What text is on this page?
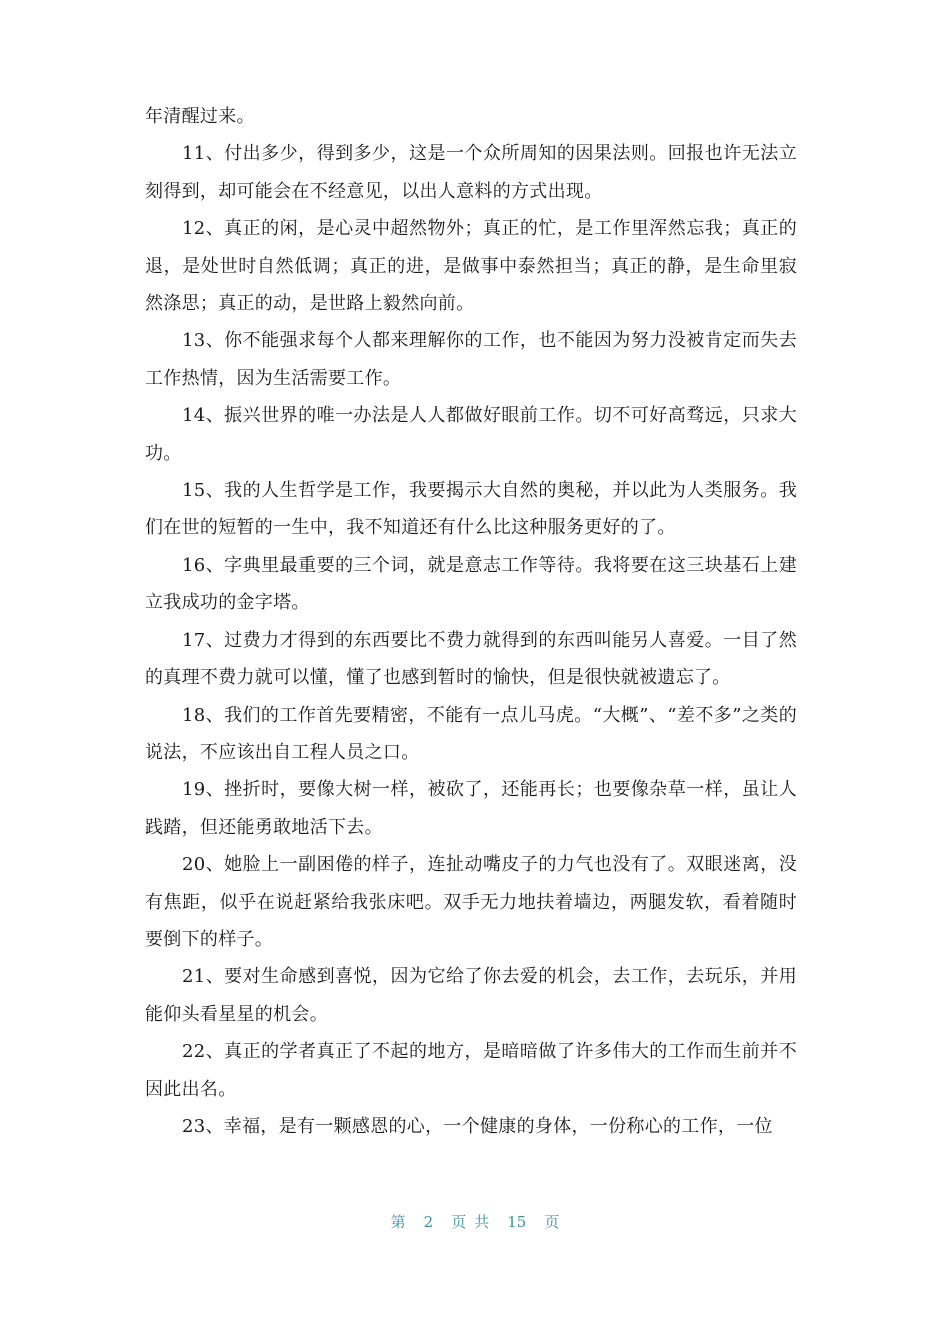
年清醒过来。

11、付出多少，得到多少，这是一个众所周知的因果法则。回报也许无法立刻得到，却可能会在不经意见，以出人意料的方式出现。

12、真正的闲，是心灵中超然物外；真正的忙，是工作里浑然忘我；真正的退，是处世时自然低调；真正的进，是做事中泰然担当；真正的静，是生命里寂然涤思；真正的动，是世路上毅然向前。

13、你不能强求每个人都来理解你的工作，也不能因为努力没被肯定而失去工作热情，因为生活需要工作。

14、振兴世界的唯一办法是人人都做好眼前工作。切不可好高骛远，只求大功。

15、我的人生哲学是工作，我要揭示大自然的奥秘，并以此为人类服务。我们在世的短暂的一生中，我不知道还有什么比这种服务更好的了。

16、字典里最重要的三个词，就是意志工作等待。我将要在这三块基石上建立我成功的金字塔。

17、过费力才得到的东西要比不费力就得到的东西叫能另人喜爱。一目了然的真理不费力就可以懂，懂了也感到暂时的愉快，但是很快就被遗忘了。

18、我们的工作首先要精密，不能有一点儿马虎。“大概”、“差不多”之类的说法，不应该出自工程人员之口。

19、挫折时，要像大树一样，被砍了，还能再长；也要像杂草一样，虽让人践踏，但还能勇敢地活下去。

20、她脸上一副困倦的样子，连扯动嘴皮子的力气也没有了。双眼迷离，没有焦距，似乎在说赶紧给我张床吧。双手无力地扶着墙边，两腿发软，看着随时要倒下的样子。

21、要对生命感到喜悦，因为它给了你去爱的机会，去工作，去玩乐，并用能仰头看星星的机会。

22、真正的学者真正了不起的地方，是暗暗做了许多伟大的工作而生前并不因此出名。

23、幸福，是有一颗感恩的心，一个健康的身体，一份称心的工作，一位

第 2 页 共 15 页
